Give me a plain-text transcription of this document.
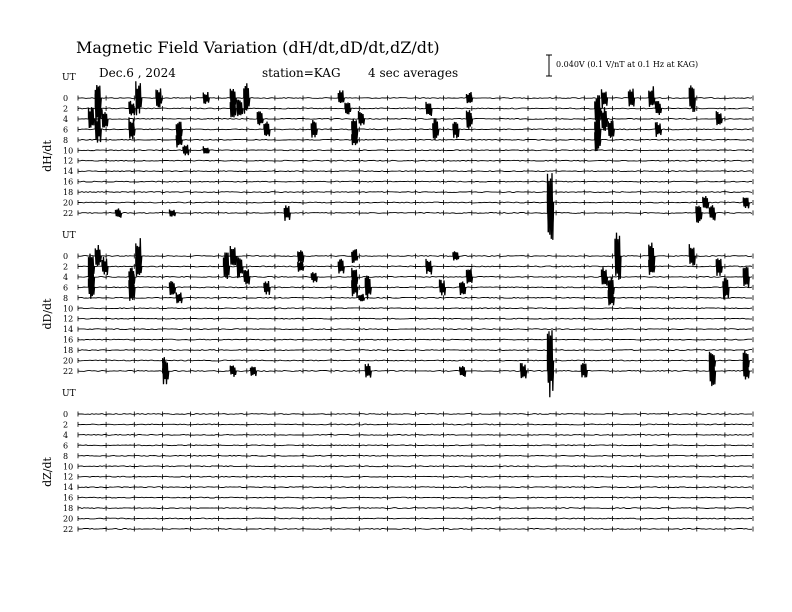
Magnetic Field Variation (dH/dt,dD/dt,dZ/dt)
Dec.6 , 2024	station=KAG 4 sec averages
0.040V (0.1 V/nT at 0.1 Hz at KAG)
UT
dH/dt
0
2
4
6
8
10
12
14
16
18
20
22
UT
dD/dt
0
2
4
6
8
10
12
14
16
18
20
22
UT
dZ/dt
0
2
4
6
8
10
12
14
16
18
20
22
